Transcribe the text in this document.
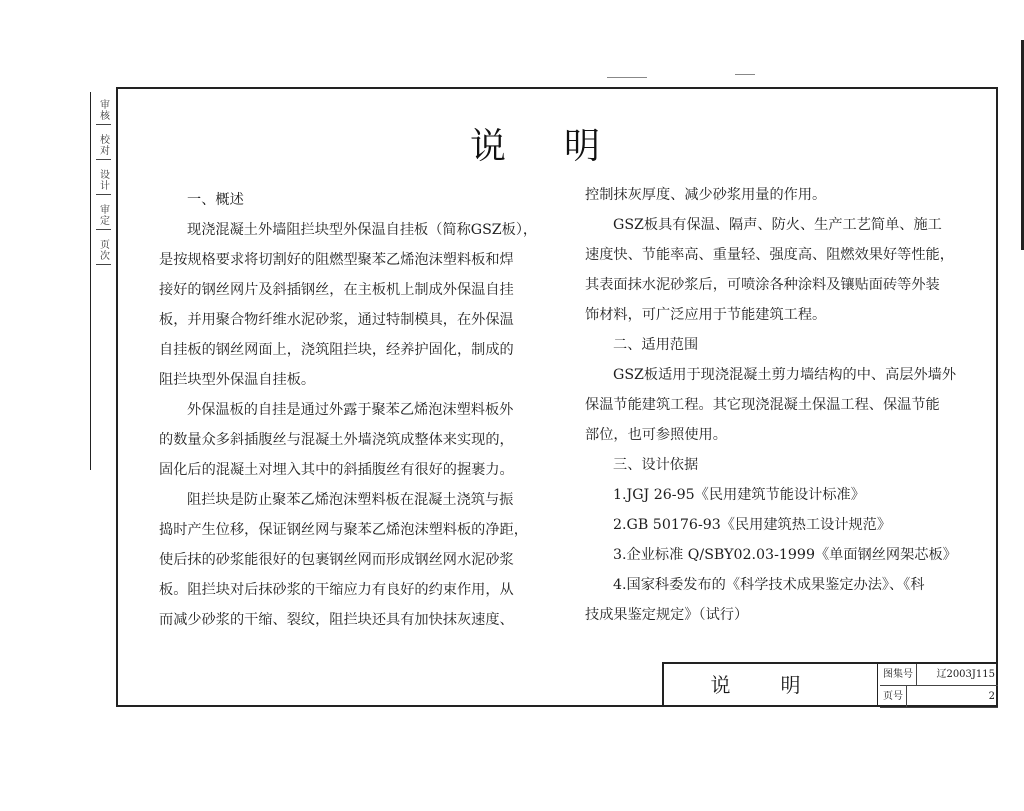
审核
校对
设计
审定
页次
说明

一、概述

现浇混凝土外墙阻拦块型外保温自挂板（简称GSZ板），
是按规格要求将切割好的阻燃型聚苯乙烯泡沫塑料板和焊
接好的钢丝网片及斜插钢丝，在主板机上制成外保温自挂
板，并用聚合物纤维水泥砂浆，通过特制模具，在外保温
自挂板的钢丝网面上，浇筑阻拦块，经养护固化，制成的
阻拦块型外保温自挂板。

外保温板的自挂是通过外露于聚苯乙烯泡沫塑料板外
的数量众多斜插腹丝与混凝土外墙浇筑成整体来实现的，
固化后的混凝土对埋入其中的斜插腹丝有很好的握裹力。

阻拦块是防止聚苯乙烯泡沫塑料板在混凝土浇筑与振
捣时产生位移，保证钢丝网与聚苯乙烯泡沫塑料板的净距，
使后抹的砂浆能很好的包裹钢丝网而形成钢丝网水泥砂浆
板。阻拦块对后抹砂浆的干缩应力有良好的约束作用，从
而减少砂浆的干缩、裂纹，阻拦块还具有加快抹灰速度、

控制抹灰厚度、减少砂浆用量的作用。

GSZ板具有保温、隔声、防火、生产工艺简单、施工
速度快、节能率高、重量轻、强度高、阻燃效果好等性能，
其表面抹水泥砂浆后，可喷涂各种涂料及镶贴面砖等外装
饰材料，可广泛应用于节能建筑工程。

二、适用范围

GSZ板适用于现浇混凝土剪力墙结构的中、高层外墙外
保温节能建筑工程。其它现浇混凝土保温工程、保温节能
部位，也可参照使用。

三、设计依据

1.JGJ 26-95《民用建筑节能设计标准》

2.GB 50176-93《民用建筑热工设计规范》

3.企业标准 Q/SBY02.03-1999《单面钢丝网架芯板》

4.国家科委发布的《科学技术成果鉴定办法》、《科
技成果鉴定规定》（试行）

说明	图集号	辽2003J115
页号	2
